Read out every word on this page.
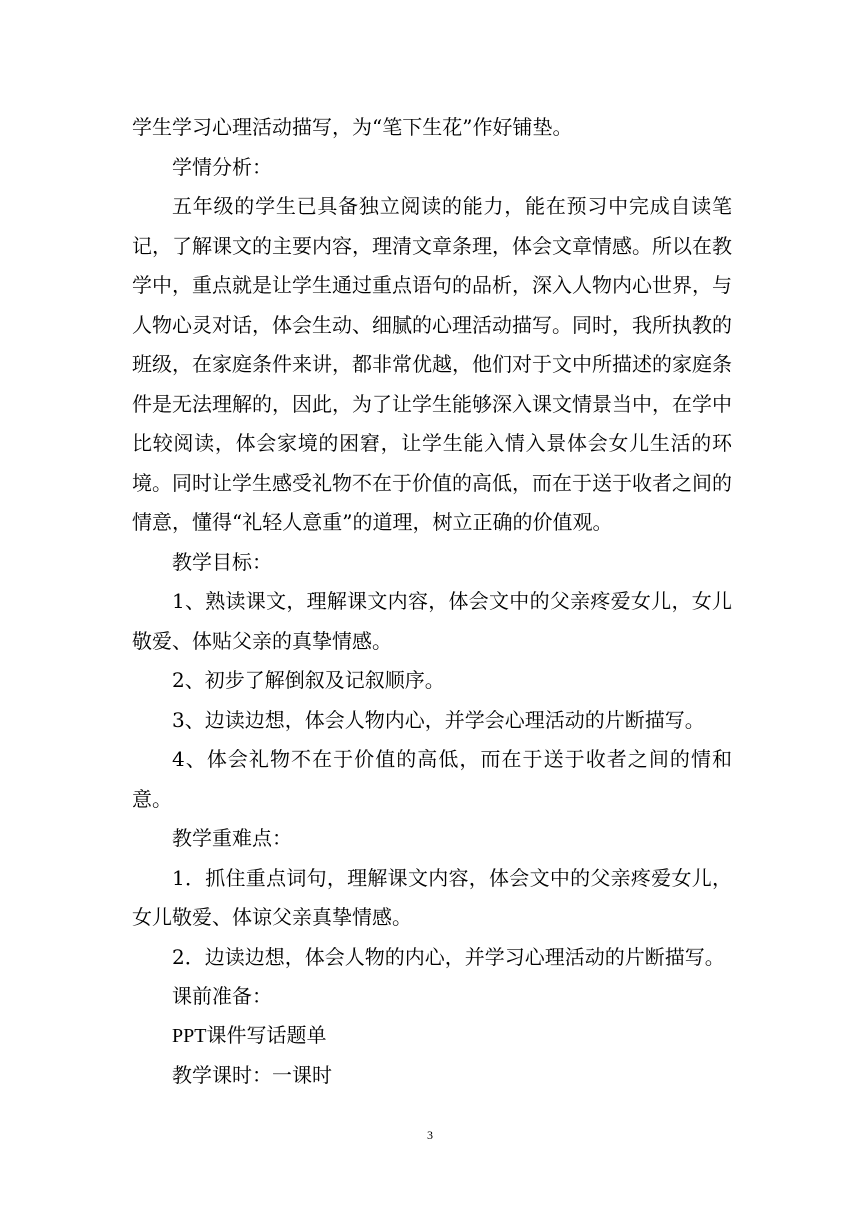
学生学习心理活动描写，为“笔下生花”作好铺垫。

学情分析：

五年级的学生已具备独立阅读的能力，能在预习中完成自读笔记，了解课文的主要内容，理清文章条理，体会文章情感。所以在教学中，重点就是让学生通过重点语句的品析，深入人物内心世界，与人物心灵对话，体会生动、细腻的心理活动描写。同时，我所执教的班级，在家庭条件来讲，都非常优越，他们对于文中所描述的家庭条件是无法理解的，因此，为了让学生能够深入课文情景当中，在学中比较阅读，体会家境的困窘，让学生能入情入景体会女儿生活的环境。同时让学生感受礼物不在于价值的高低，而在于送于收者之间的情意，懂得“礼轻人意重”的道理，树立正确的价值观。

教学目标：

1、熟读课文，理解课文内容，体会文中的父亲疼爱女儿，女儿敬爱、体贴父亲的真挚情感。

2、初步了解倒叙及记叙顺序。

3、边读边想，体会人物内心，并学会心理活动的片断描写。

4、体会礼物不在于价值的高低，而在于送于收者之间的情和意。

教学重难点：

1．抓住重点词句，理解课文内容，体会文中的父亲疼爱女儿，女儿敬爱、体谅父亲真挚情感。

2．边读边想，体会人物的内心，并学习心理活动的片断描写。

课前准备：

PPT课件写话题单

教学课时：一课时

3
